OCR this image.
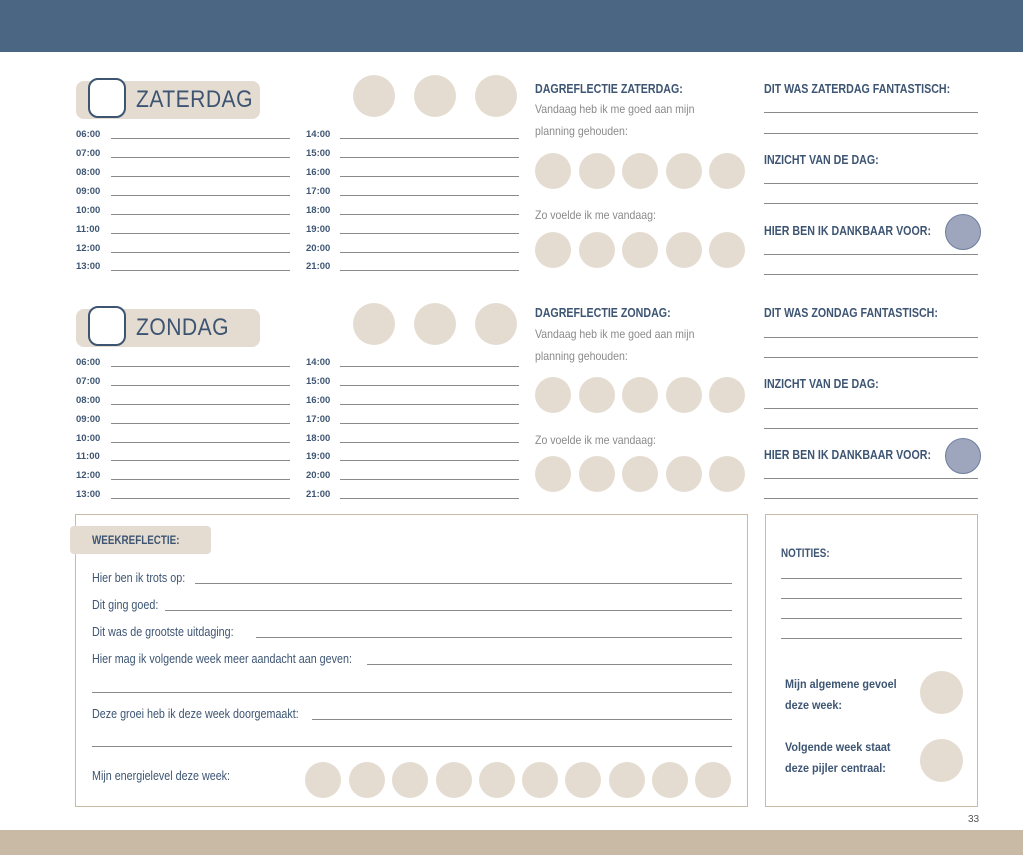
ZATERDAG
06:00
07:00
08:00
09:00
10:00
11:00
12:00
13:00
14:00
15:00
16:00
17:00
18:00
19:00
20:00
21:00
DAGREFLECTIE ZATERDAG:
Vandaag heb ik me goed aan mijn
planning gehouden:
Zo voelde ik me vandaag:
DIT WAS ZATERDAG FANTASTISCH:
INZICHT VAN DE DAG:
HIER BEN IK DANKBAAR VOOR:
ZONDAG
06:00
07:00
08:00
09:00
10:00
11:00
12:00
13:00
14:00
15:00
16:00
17:00
18:00
19:00
20:00
21:00
DAGREFLECTIE ZONDAG:
Vandaag heb ik me goed aan mijn
planning gehouden:
Zo voelde ik me vandaag:
DIT WAS ZONDAG FANTASTISCH:
INZICHT VAN DE DAG:
HIER BEN IK DANKBAAR VOOR:
WEEKREFLECTIE:
Hier ben ik trots op:
Dit ging goed:
Dit was de grootste uitdaging:
Hier mag ik volgende week meer aandacht aan geven:
Deze groei heb ik deze week doorgemaakt:
Mijn energielevel deze week:
NOTITIES:
Mijn algemene gevoel
deze week:
Volgende week staat
deze pijler centraal:
33
